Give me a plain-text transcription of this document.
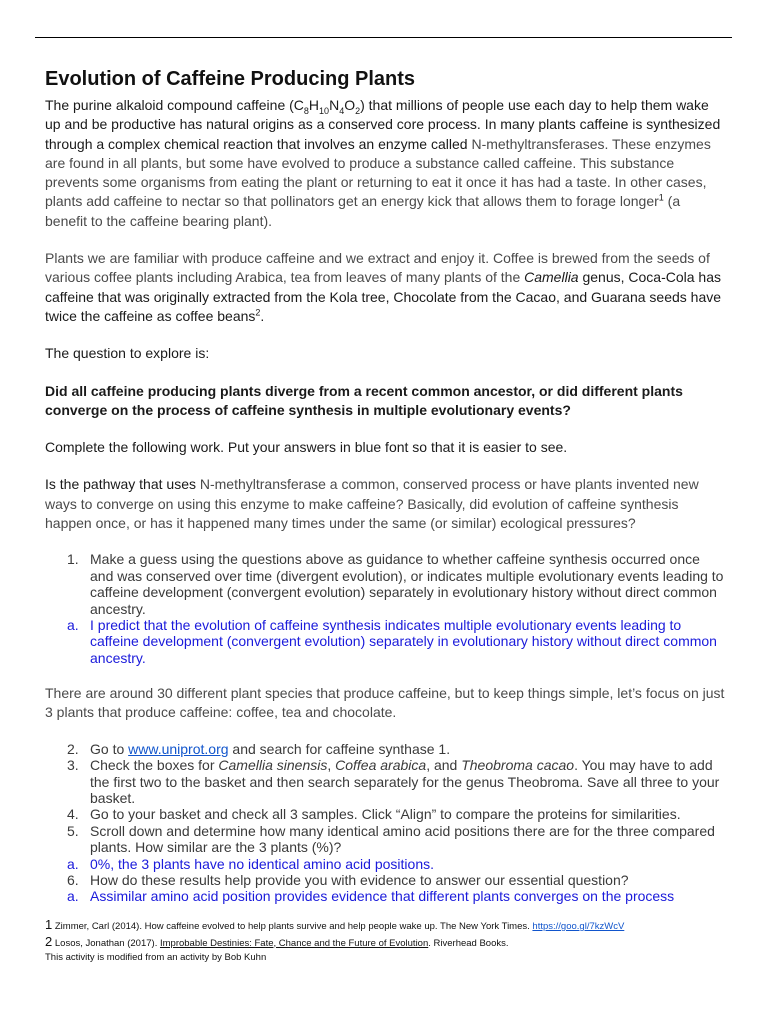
Evolution of Caffeine Producing Plants

The purine alkaloid compound caffeine $(C_8H_{10}N_4O_2)$ that millions of people use each day to help them wake up and be productive has natural origins as a conserved core process. In many plants caffeine is synthesized through a complex chemical reaction that involves an enzyme called N-methyltransferases. These enzymes are found in all plants, but some have evolved to produce a substance called caffeine. This substance prevents some organisms from eating the plant or returning to eat it once it has had a taste. In other cases, plants add caffeine to nectar so that pollinators get an energy kick that allows them to forage longer$^1$ (a benefit to the caffeine bearing plant).

Plants we are familiar with produce caffeine and we extract and enjoy it. Coffee is brewed from the seeds of various coffee plants including Arabica, tea from leaves of many plants of the Camellia genus, Coca-Cola has caffeine that was originally extracted from the Kola tree, Chocolate from the Cacao, and Guarana seeds have twice the caffeine as coffee beans$^2$.

The question to explore is:

Did all caffeine producing plants diverge from a recent common ancestor, or did different plants converge on the process of caffeine synthesis in multiple evolutionary events?

Complete the following work. Put your answers in blue font so that it is easier to see.

Is the pathway that uses N-methyltransferase a common, conserved process or have plants invented new ways to converge on using this enzyme to make caffeine? Basically, did evolution of caffeine synthesis happen once, or has it happened many times under the same (or similar) ecological pressures?

1. Make a guess using the questions above as guidance to whether caffeine synthesis occurred once and was conserved over time (divergent evolution), or indicates multiple evolutionary events leading to caffeine development (convergent evolution) separately in evolutionary history without direct common ancestry.
a. I predict that the evolution of caffeine synthesis indicates multiple evolutionary events leading to caffeine development (convergent evolution) separately in evolutionary history without direct common ancestry.

There are around 30 different plant species that produce caffeine, but to keep things simple, let’s focus on just 3 plants that produce caffeine: coffee, tea and chocolate.

2. Go to www.uniprot.org and search for caffeine synthase 1.
3. Check the boxes for Camellia sinensis, Coffea arabica, and Theobroma cacao. You may have to add the first two to the basket and then search separately for the genus Theobroma. Save all three to your basket.
4. Go to your basket and check all 3 samples. Click “Align” to compare the proteins for similarities.
5. Scroll down and determine how many identical amino acid positions there are for the three compared plants. How similar are the 3 plants (%)?
a. 0%, the 3 plants have no identical amino acid positions.
6. How do these results help provide you with evidence to answer our essential question?
a. Assimilar amino acid position provides evidence that different plants converges on the process
1 Zimmer, Carl (2014). How caffeine evolved to help plants survive and help people wake up. The New York Times. https://goo.gl/7kzWcV
2 Losos, Jonathan (2017). Improbable Destinies: Fate, Chance and the Future of Evolution. Riverhead Books.
This activity is modified from an activity by Bob Kuhn
